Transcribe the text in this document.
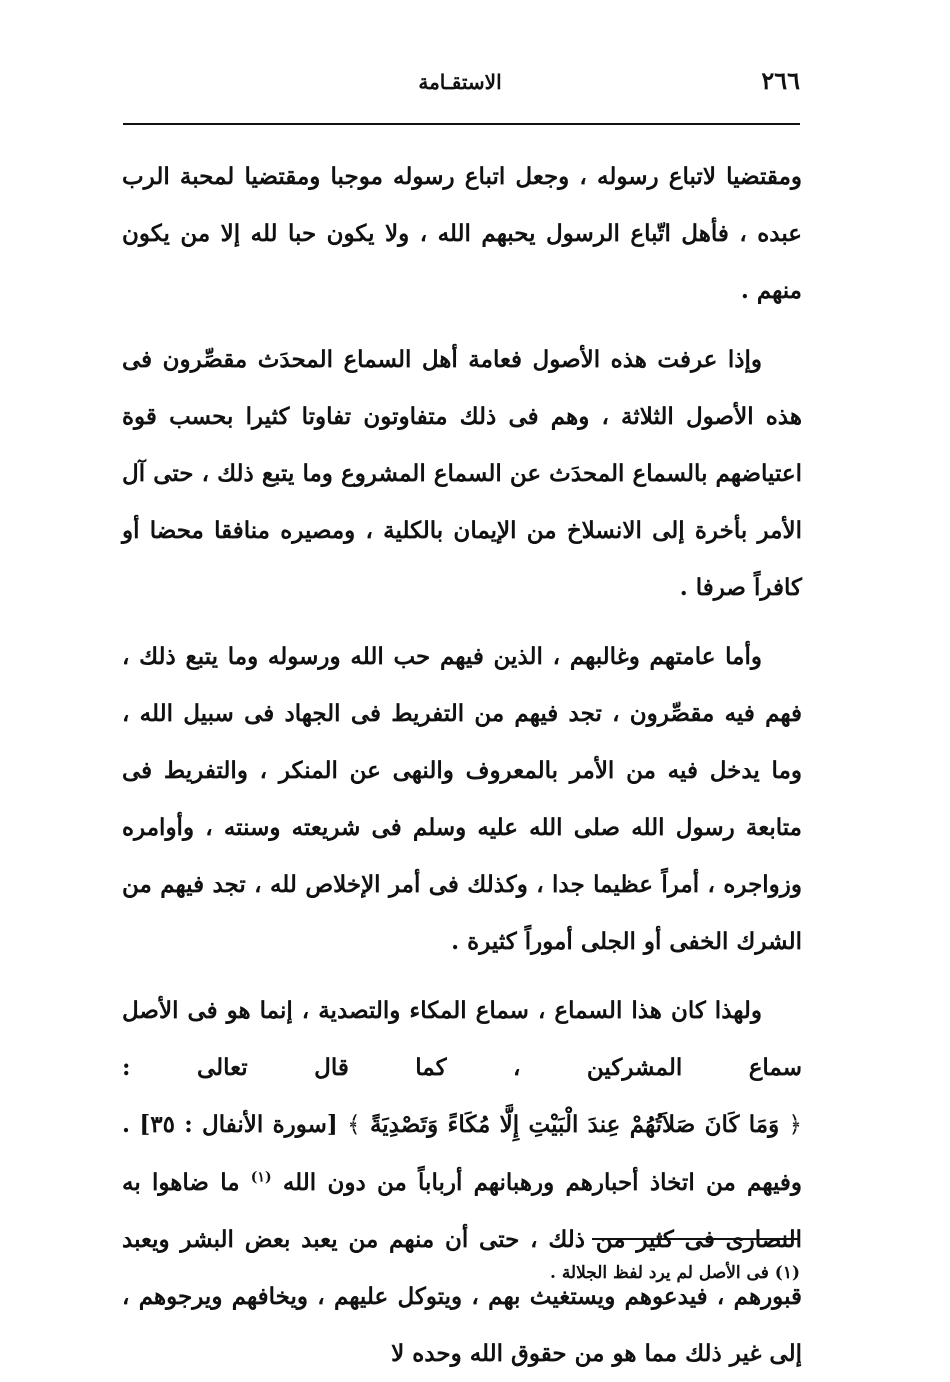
٢٦٦
الاستقـامة

ومقتضيا لاتباع رسوله ، وجعل اتباع رسوله موجبا ومقتضيا لمحبة الرب عبده ، فأهل اتّباع الرسول يحبهم الله ، ولا يكون حبا لله إلا من يكون منهم .

وإذا عرفت هذه الأصول فعامة أهل السماع المحدَث مقصِّرون فى هذه الأصول الثلاثة ، وهم فى ذلك متفاوتون تفاوتا كثيرا بحسب قوة اعتياضهم بالسماع المحدَث عن السماع المشروع وما يتبع ذلك ، حتى آل الأمر بأخرة إلى الانسلاخ من الإيمان بالكلية ، ومصيره منافقا محضا أو كافراً صرفا .

وأما عامتهم وغالبهم ، الذين فيهم حب الله ورسوله وما يتبع ذلك ، فهم فيه مقصِّرون ، تجد فيهم من التفريط فى الجهاد فى سبيل الله ، وما يدخل فيه من الأمر بالمعروف والنهى عن المنكر ، والتفريط فى متابعة رسول الله صلى الله عليه وسلم فى شريعته وسنته ، وأوامره وزواجره ، أمراً عظيما جدا ، وكذلك فى أمر الإخلاص لله ، تجد فيهم من الشرك الخفى أو الجلى أموراً كثيرة .

ولهذا كان هذا السماع ، سماع المكاء والتصدية ، إنما هو فى الأصل سماع المشركين ، كما قال تعالى : ﴿ وَمَا كَانَ صَلاَتُهُمْ عِندَ الْبَيْتِ إِلَّا مُكَاءً وَتَصْدِيَةً ﴾ [سورة الأنفال : ٣٥] . وفيهم من اتخاذ أحبارهم ورهبانهم أرباباً من دون الله $^{(١)}$ ما ضاهوا به النصارى فى كثير من ذلك ، حتى أن منهم من يعبد بعض البشر ويعبد قبورهم ، فيدعوهم ويستغيث بهم ، ويتوكل عليهم ، ويخافهم ويرجوهم ، إلى غير ذلك مما هو من حقوق الله وحده لا

(١) فى الأصل لم يرد لفظ الجلالة .
